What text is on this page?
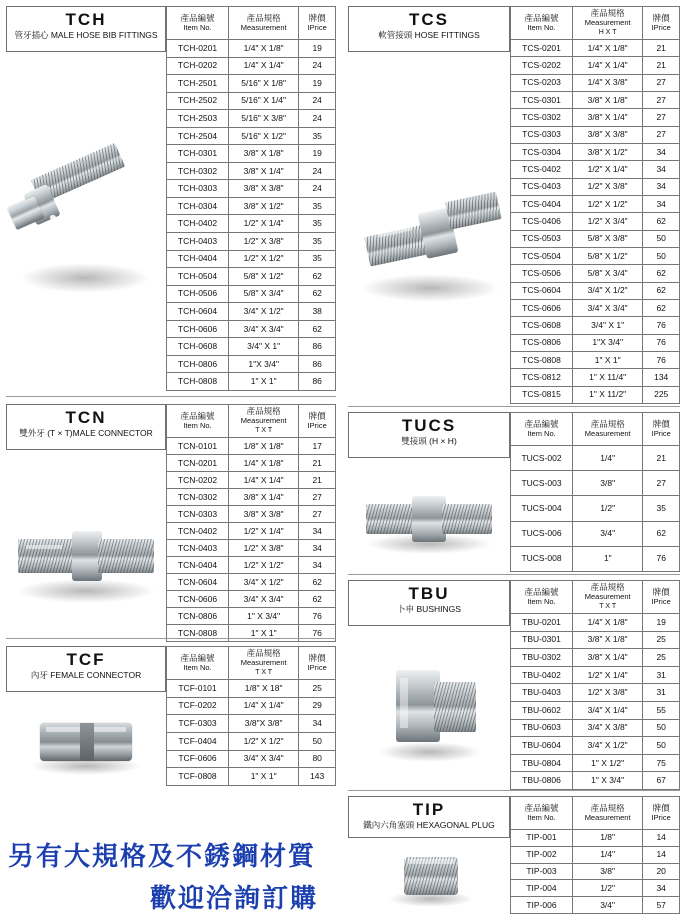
TCH
管牙插心 MALE HOSE BIB FITTINGS
產品編號
Item No.	產品規格
Measurement	牌價
IPrice

TCH-0201	1/4" X 1/8"	19
TCH-0202	1/4" X 1/4"	24
TCH-2501	5/16" X 1/8"	19
TCH-2502	5/16" X 1/4"	24
TCH-2503	5/16" X 3/8"	24
TCH-2504	5/16" X 1/2"	35
TCH-0301	3/8" X 1/8"	19
TCH-0302	3/8" X 1/4"	24
TCH-0303	3/8" X 3/8"	24
TCH-0304	3/8" X 1/2"	35
TCH-0402	1/2" X 1/4"	35
TCH-0403	1/2" X 3/8"	35
TCH-0404	1/2" X 1/2"	35
TCH-0504	5/8" X 1/2"	62
TCH-0506	5/8" X 3/4"	62
TCH-0604	3/4" X 1/2"	38
TCH-0606	3/4" X 3/4"	62
TCH-0608	3/4" X 1"	86
TCH-0806	1"X 3/4"	86
TCH-0808	1" X 1"	86
TCS
軟管接頭 HOSE FITTINGS
產品編號
Item No.	產品規格
Measurement
H X T	牌價
IPrice

TCS-0201	1/4" X 1/8"	21
TCS-0202	1/4" X 1/4"	21
TCS-0203	1/4" X 3/8"	27
TCS-0301	3/8" X 1/8"	27
TCS-0302	3/8" X 1/4"	27
TCS-0303	3/8" X 3/8"	27
TCS-0304	3/8" X 1/2"	34
TCS-0402	1/2" X 1/4"	34
TCS-0403	1/2" X 3/8"	34
TCS-0404	1/2" X 1/2"	34
TCS-0406	1/2" X 3/4"	62
TCS-0503	5/8" X 3/8"	50
TCS-0504	5/8" X 1/2"	50
TCS-0506	5/8" X 3/4"	62
TCS-0604	3/4" X 1/2"	62
TCS-0606	3/4" X 3/4"	62
TCS-0608	3/4" X 1"	76
TCS-0806	1"X 3/4"	76
TCS-0808	1" X 1"	76
TCS-0812	1" X 11/4"	134
TCS-0815	1" X 11/2"	225
TCN
雙外牙 (T × T)MALE CONNECTOR
產品編號
Item No.	產品規格
Measurement
T X T	牌價
IPrice

TCN-0101	1/8" X 1/8"	17
TCN-0201	1/4" X 1/8"	21
TCN-0202	1/4" X 1/4"	21
TCN-0302	3/8" X 1/4"	27
TCN-0303	3/8" X 3/8"	27
TCN-0402	1/2" X 1/4"	34
TCN-0403	1/2" X 3/8"	34
TCN-0404	1/2" X 1/2"	34
TCN-0604	3/4" X 1/2"	62
TCN-0606	3/4" X 3/4"	62
TCN-0806	1" X 3/4"	76
TCN-0808	1" X 1"	76
TUCS
雙接頭 (H × H)
產品編號
Item No.	產品規格
Measurement	牌價
IPrice

TUCS-002	1/4"	21
TUCS-003	3/8"	27
TUCS-004	1/2"	35
TUCS-006	3/4"	62
TUCS-008	1"	76
TBU
卜申 BUSHINGS
產品編號
Item No.	產品規格
Measurement
T X T	牌價
IPrice

TBU-0201	1/4" X 1/8"	19
TBU-0301	3/8" X 1/8"	25
TBU-0302	3/8" X 1/4"	25
TBU-0402	1/2" X 1/4"	31
TBU-0403	1/2" X 3/8"	31
TBU-0602	3/4" X 1/4"	55
TBU-0603	3/4" X 3/8"	50
TBU-0604	3/4" X 1/2"	50
TBU-0804	1" X 1/2"	75
TBU-0806	1" X 3/4"	67
TCF
內牙 FEMALE CONNECTOR
產品編號
Item No.	產品規格
Measurement
T X T	牌價
IPrice

TCF-0101	1/8" X 18"	25
TCF-0202	1/4" X 1/4"	29
TCF-0303	3/8"X 3/8"	34
TCF-0404	1/2" X 1/2"	50
TCF-0606	3/4" X 3/4"	80
TCF-0808	1" X 1"	143
TIP
鐵內六角塞頭 HEXAGONAL PLUG
產品編號
Item No.	產品規格
Measurement	牌價
IPrice

TIP-001	1/8"	14
TIP-002	1/4"	14
TIP-003	3/8"	20
TIP-004	1/2"	34
TIP-006	3/4"	57
另有大規格及不銹鋼材質
歡迎洽詢訂購
